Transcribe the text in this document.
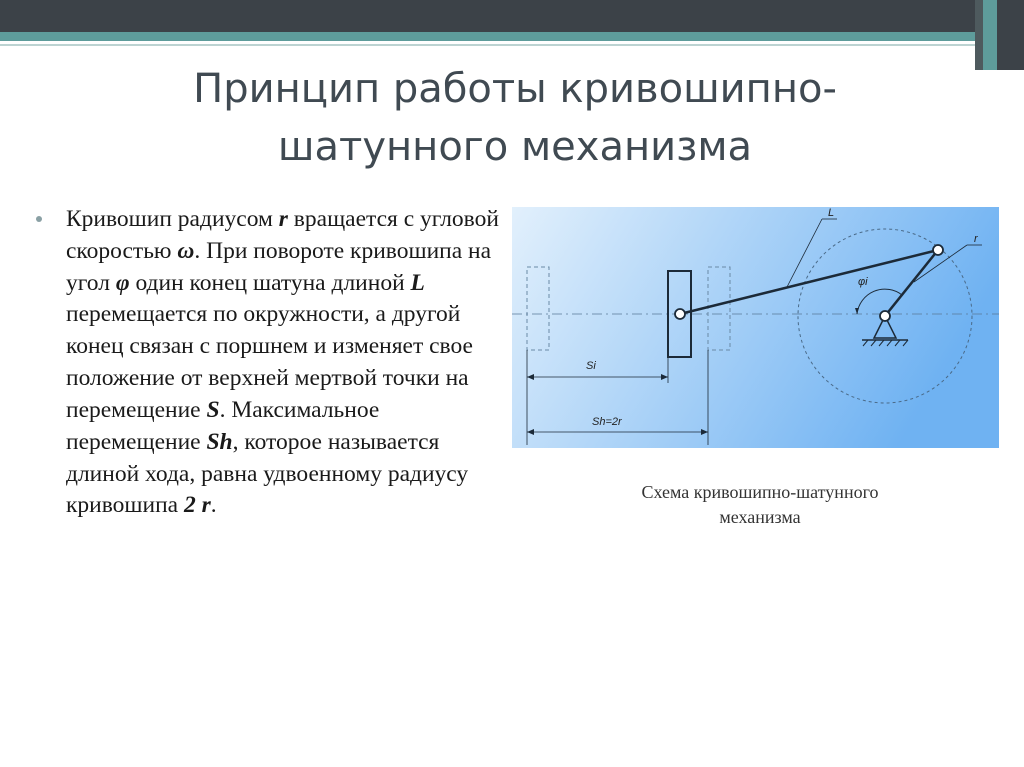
Принцип работы кривошипно-
шатунного механизма
Кривошип радиусом r вращается с угловой скоростью ω. При повороте кривошипа на угол φ один конец шатуна длиной L перемещается по окружности, а другой конец связан с поршнем и изменяет свое положение от верхней мертвой точки на перемещение S. Максимальное перемещение Sh, которое называется длиной хода, равна удвоенному радиусу кривошипа 2 r.
L
r
φi
Si
Sh=2r
Схема кривошипно-шатунного
механизма
